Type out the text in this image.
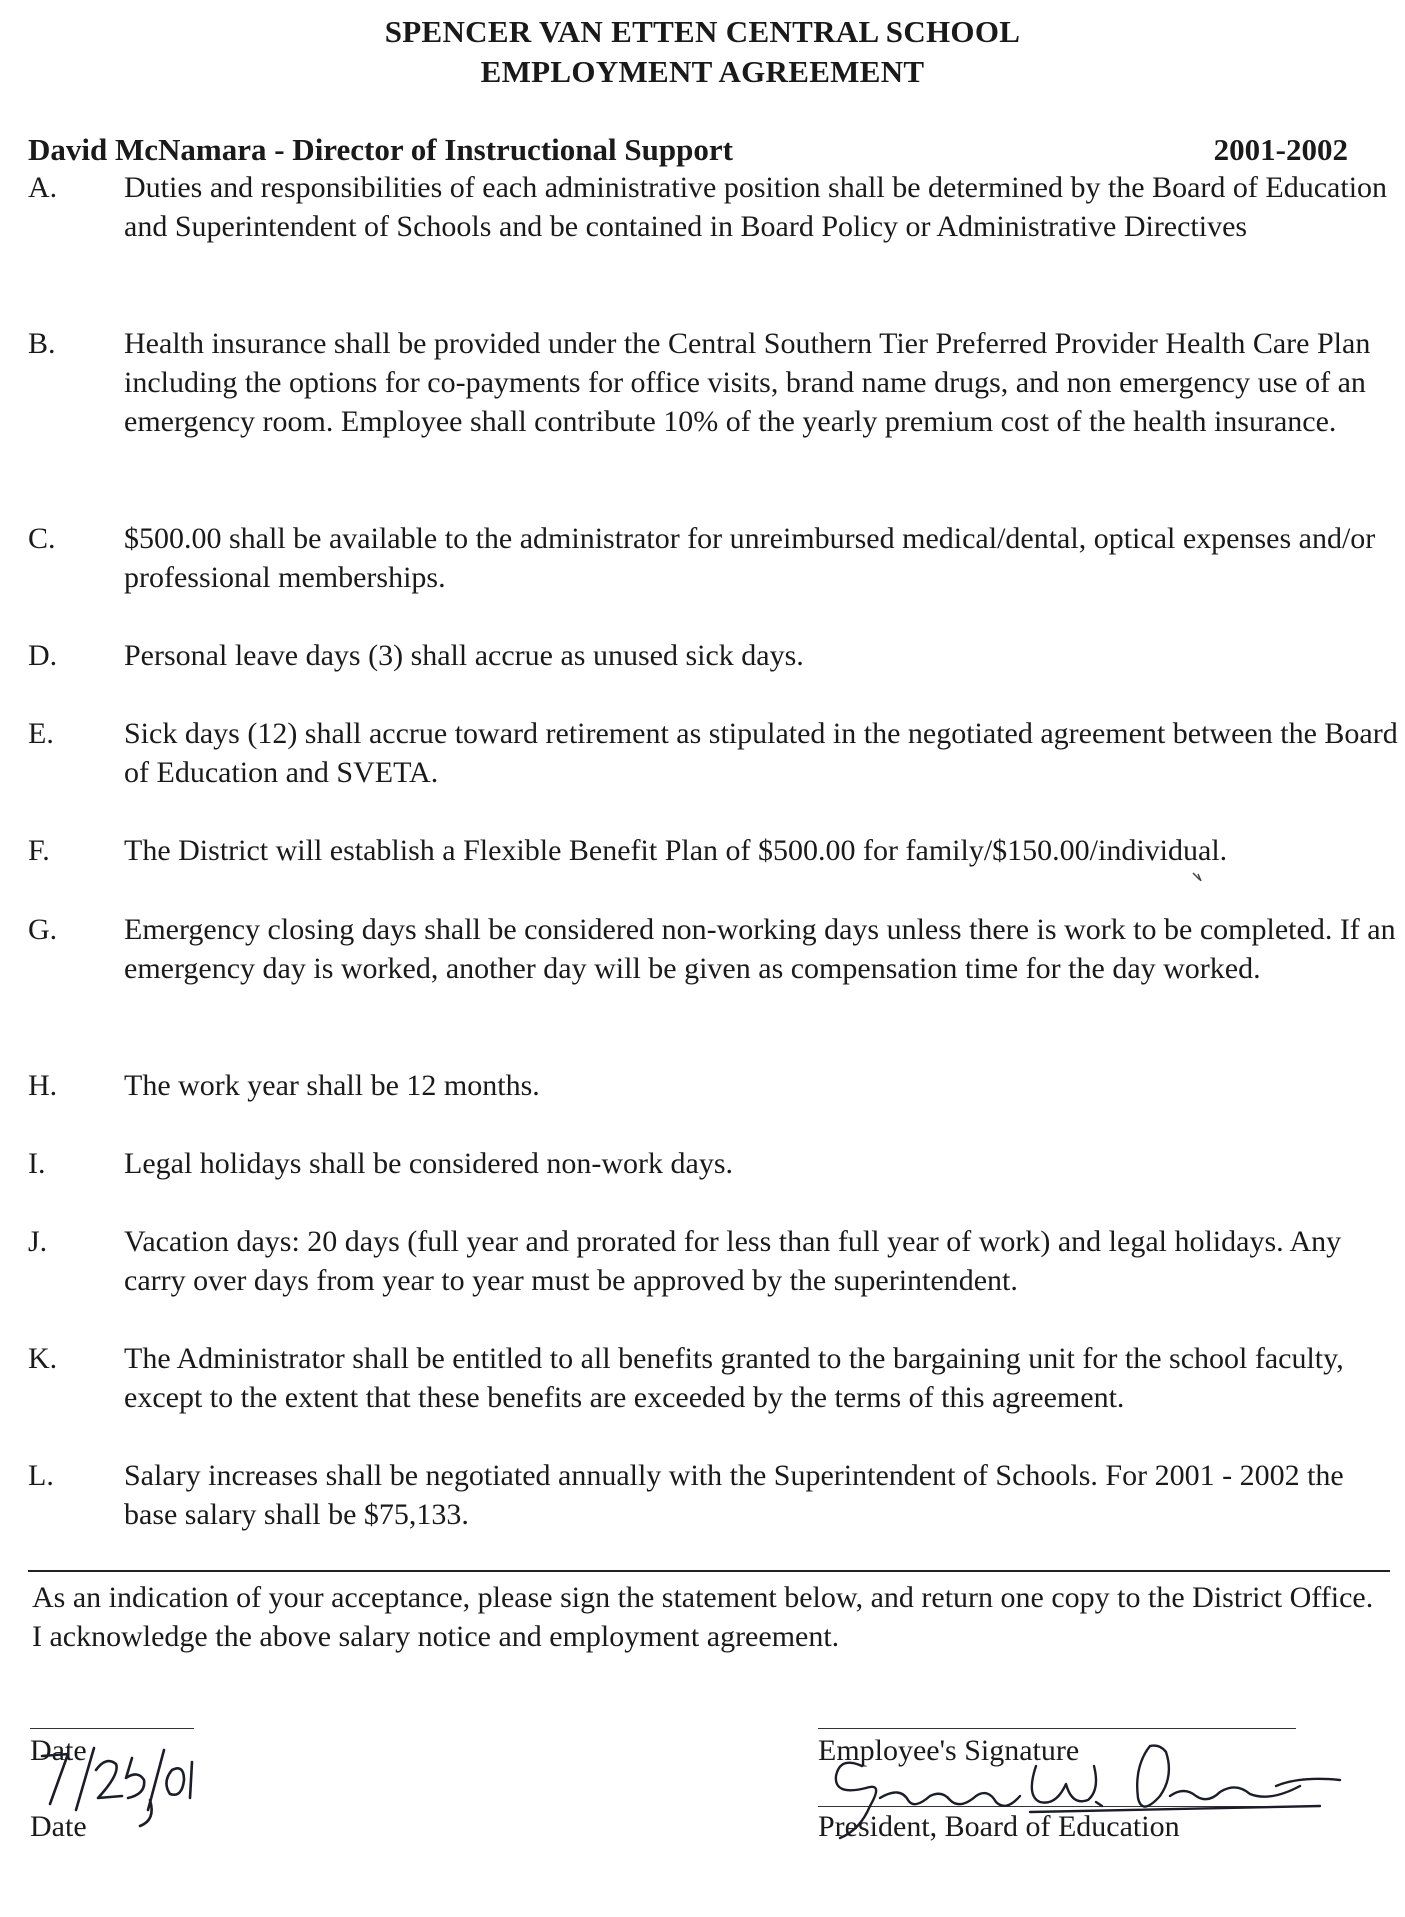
SPENCER VAN ETTEN CENTRAL SCHOOL
EMPLOYMENT AGREEMENT
David McNamara - Director of Instructional Support	2001-2002
A. Duties and responsibilities of each administrative position shall be determined by the Board of Education and Superintendent of Schools and be contained in Board Policy or Administrative Directives
B. Health insurance shall be provided under the Central Southern Tier Preferred Provider Health Care Plan including the options for co-payments for office visits, brand name drugs, and non emergency use of an emergency room. Employee shall contribute 10% of the yearly premium cost of the health insurance.
C. $500.00 shall be available to the administrator for unreimbursed medical/dental, optical expenses and/or professional memberships.
D. Personal leave days (3) shall accrue as unused sick days.
E. Sick days (12) shall accrue toward retirement as stipulated in the negotiated agreement between the Board of Education and SVETA.
F. The District will establish a Flexible Benefit Plan of $500.00 for family/$150.00/individual.
G. Emergency closing days shall be considered non-working days unless there is work to be completed. If an emergency day is worked, another day will be given as compensation time for the day worked.
H. The work year shall be 12 months.
I.	Legal holidays shall be considered non-work days.
J.	Vacation days: 20 days (full year and prorated for less than full year of work) and legal holidays. Any carry over days from year to year must be approved by the superintendent.
K. The Administrator shall be entitled to all benefits granted to the bargaining unit for the school faculty, except to the extent that these benefits are exceeded by the terms of this agreement.
L. Salary increases shall be negotiated annually with the Superintendent of Schools. For 2001 - 2002 the base salary shall be $75,133.
As an indication of your acceptance, please sign the statement below, and return one copy to the District Office.
I acknowledge the above salary notice and employment agreement.
Date
Date
Employee's Signature
President, Board of Education
